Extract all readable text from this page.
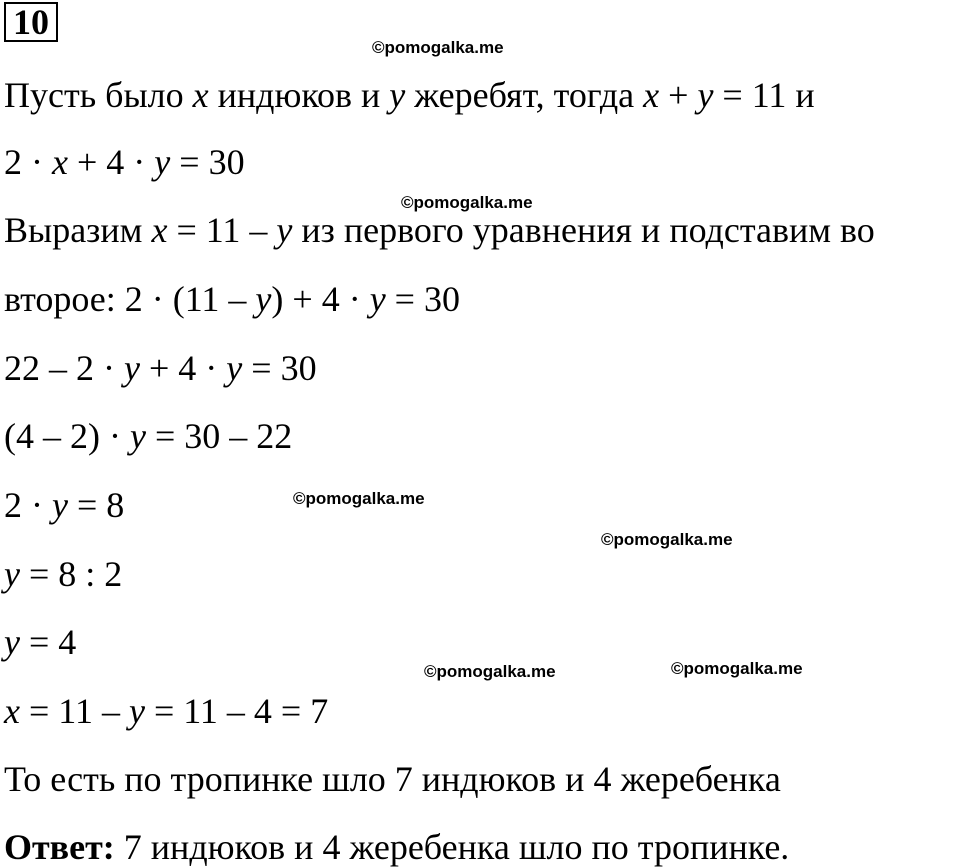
10
©pomogalka.me
©pomogalka.me
©pomogalka.me
©pomogalka.me
©pomogalka.me	©pomogalka.me
Пусть было x индюков и y жеребят, тогда x + y = 11 и
2 · x + 4 · y = 30
Выразим x = 11 – y из первого уравнения и подставим во
второе: 2 · (11 – y) + 4 · y = 30
22 – 2 · y + 4 · y = 30
(4 – 2) · y = 30 – 22
2 · y = 8
y = 8 : 2
y = 4
x = 11 – y = 11 – 4 = 7
То есть по тропинке шло 7 индюков и 4 жеребенка
Ответ: 7 индюков и 4 жеребенка шло по тропинке.
